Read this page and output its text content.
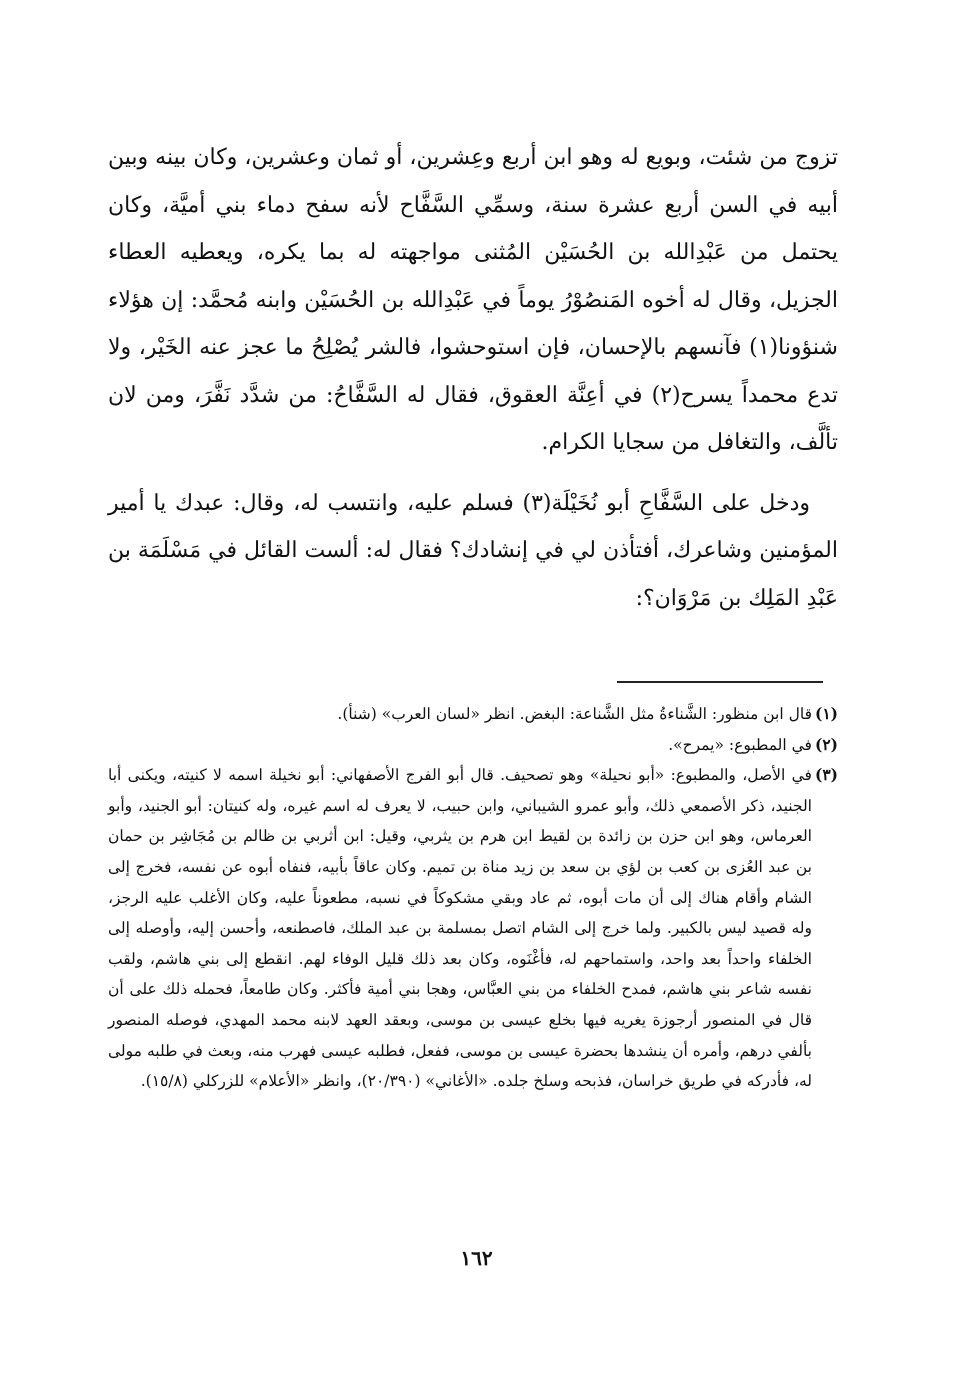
تزوج من شئت، وبويع له وهو ابن أربع وعِشرين، أو ثمان وعشرين، وكان بينه وبين أبيه في السن أربع عشرة سنة، وسمِّي السَّفَّاح لأنه سفح دماء بني أميَّة، وكان يحتمل من عَبْدِالله بن الحُسَيْن المُثنى مواجهته له بما يكره، ويعطيه العطاء الجزيل، وقال له أخوه المَنصُوْرُ يوماً في عَبْدِالله بن الحُسَيْن وابنه مُحمَّد: إن هؤلاء شنؤونا(١) فآنسهم بالإحسان، فإن استوحشوا، فالشر يُصْلِحُ ما عجز عنه الخَيْر، ولا تدع محمداً يسرح(٢) في أعِنَّة العقوق، فقال له السَّفَّاحُ: من شدَّد نَفَّرَ، ومن لان تألَّف، والتغافل من سجايا الكرام.

ودخل على السَّفَّاحِ أبو نُخَيْلَة(٣) فسلم عليه، وانتسب له، وقال: عبدك يا أمير المؤمنين وشاعرك، أفتأذن لي في إنشادك؟ فقال له: ألست القائل في مَسْلَمَة بن عَبْدِ المَلِك بن مَرْوَان؟:

(١)
قال ابن منظور: الشَّناءةُ مثل الشَّناعة: البغض. انظر «لسان العرب» (شنأ).
(٢)
في المطبوع: «يمرح».
(٣)
في الأصل، والمطبوع: «أبو نحيلة» وهو تصحيف. قال أبو الفرج الأصفهاني: أبو نخيلة اسمه لا كنيته، ويكنى أبا الجنيد، ذكر الأصمعي ذلك، وأبو عمرو الشيباني، وابن حبيب، لا يعرف له اسم غيره، وله كنيتان: أبو الجنيد، وأبو العرماس، وهو ابن حزن بن زائدة بن لقيط ابن هرم بن يثربي، وقيل: ابن أثربي بن ظالم بن مُجَاشِر بن حمان بن عبد العُزى بن كعب بن لؤي بن سعد بن زيد مناة بن تميم. وكان عاقاً بأبيه، فنفاه أبوه عن نفسه، فخرج إلى الشام وأقام هناك إلى أن مات أبوه، ثم عاد وبقي مشكوكاً في نسبه، مطعوناً عليه، وكان الأغلب عليه الرجز، وله قصيد ليس بالكبير. ولما خرج إلى الشام اتصل بمسلمة بن عبد الملك، فاصطنعه، وأحسن إليه، وأوصله إلى الخلفاء واحداً بعد واحد، واستماحهم له، فأغْنَوه، وكان بعد ذلك قليل الوفاء لهم. انقطع إلى بني هاشم، ولقب نفسه شاعر بني هاشم، فمدح الخلفاء من بني العبَّاس، وهجا بني أمية فأكثر. وكان طامعاً، فحمله ذلك على أن قال في المنصور أرجوزة يغريه فيها بخلع عيسى بن موسى، وبعقد العهد لابنه محمد المهدي، فوصله المنصور بألفي درهم، وأمره أن ينشدها بحضرة عيسى بن موسى، ففعل، فطلبه عيسى فهرب منه، وبعث في طلبه مولى له، فأدركه في طريق خراسان، فذبحه وسلخ جلده. «الأغاني» (٢٠/٣٩٠)، وانظر «الأعلام» للزركلي (١٥/٨).
١٦٢
